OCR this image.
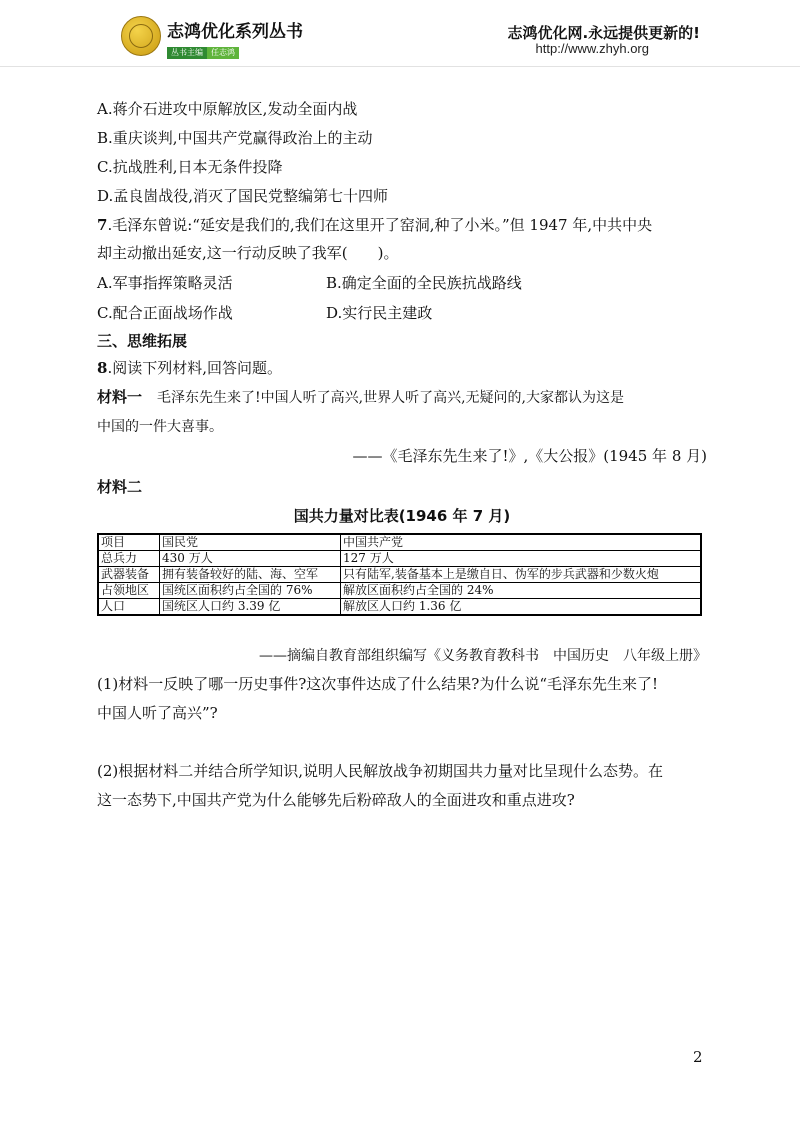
志鸿优化系列丛书
丛书主编 任志鸿
志鸿优化网.永远提供更新的!
http://www.zhyh.org
A.蒋介石进攻中原解放区,发动全面内战
B.重庆谈判,中国共产党赢得政治上的主动
C.抗战胜利,日本无条件投降
D.孟良崮战役,消灭了国民党整编第七十四师
7.毛泽东曾说:“延安是我们的,我们在这里开了窑洞,种了小米。”但 1947 年,中共中央
却主动撤出延安,这一行动反映了我军(　　)。
A.军事指挥策略灵活	B.确定全面的全民族抗战路线
C.配合正面战场作战	D.实行民主建政
三、思维拓展
8.阅读下列材料,回答问题。
材料一　 毛泽东先生来了!中国人听了高兴,世界人听了高兴,无疑问的,大家都认为这是
中国的一件大喜事。
——《毛泽东先生来了!》,《大公报》(1945 年 8 月)
材料二
国共力量对比表(1946 年 7 月)
项目	国民党	中国共产党
总兵力	430 万人	127 万人
武器装备	拥有装备较好的陆、海、空军	只有陆军,装备基本上是缴自日、伪军的步兵武器和少数火炮
占领地区	国统区面积约占全国的 76%	解放区面积约占全国的 24%
人口	国统区人口约 3.39 亿	解放区人口约 1.36 亿
——摘编自教育部组织编写《义务教育教科书　中国历史　八年级上册》
(1)材料一反映了哪一历史事件?这次事件达成了什么结果?为什么说“毛泽东先生来了!
中国人听了高兴”?
(2)根据材料二并结合所学知识,说明人民解放战争初期国共力量对比呈现什么态势。在
这一态势下,中国共产党为什么能够先后粉碎敌人的全面进攻和重点进攻?
2
